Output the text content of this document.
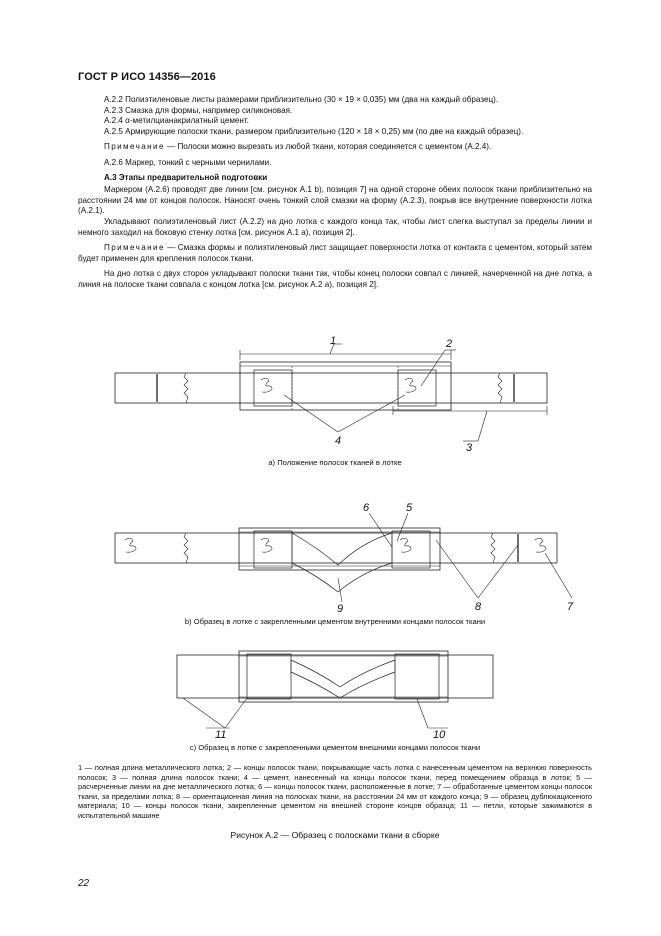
ГОСТ Р ИСО 14356—2016

А.2.2 Полиэтиленовые листы размерами приблизительно (30 × 19 × 0,035) мм (два на каждый образец).

А.2.3 Смазка для формы, например силиконовая.

А.2.4 α-метилцианакрилатный цемент.

А.2.5 Армирующие полоски ткани, размером приблизительно (120 × 18 × 0,25) мм (по две на каждый образец).

Примечание — Полоски можно вырезать из любой ткани, которая соединяется с цементом (А.2.4).

А.2.6 Маркер, тонкий с черными чернилами.

А.3 Этапы предварительной подготовки

Маркером (А.2.6) проводят две линии [см. рисунок А.1 b), позиция 7] на одной стороне обеих полосок ткани приблизительно на расстоянии 24 мм от концов полосок. Наносят очень тонкий слой смазки на форму (А.2.3), покрыв все внутренние поверхности лотка (А.2.1).

Укладывают полиэтиленовый лист (А.2.2) на дно лотка с каждого конца так, чтобы лист слегка выступал за пределы линии и немного заходил на боковую стенку лотка [см. рисунок А.1 а), позиция 2].

Примечание — Смазка формы и полиэтиленовый лист защищает поверхности лотка от контакта с цементом, который затем будет применен для крепления полосок ткани.

На дно лотка с двух сторон укладывают полоски ткани так, чтобы конец полоски совпал с линией, начерченной на дне лотка, а линия на полоске ткани совпала с концом лотка [см. рисунок А.2 а), позиция 2].

1	2
3
4
5
6
7
8
9
10
11
а) Положение полосок тканей в лотке
b) Образец в лотке с закрепленными цементом внутренними концами полосок ткани
с) Образец в лотке с закрепленными цементом внешними концами полосок ткани
1 — полная длина металлического лотка; 2 — концы полосок ткани, покрывающие часть лотка с нанесенным цементом на верхнюю поверхность полосок; 3 — полная длина полосок ткани; 4 — цемент, нанесенный на концы полосок ткани, перед помещением образца в лоток; 5 — расчерченные линии на дне металлического лотка; 6 — концы полосок ткани, расположенные в лотке; 7 — обработанные цементом концы полосок ткани, за пределами лотка; 8 — ориентационная линия на полосках ткани, на расстоянии 24 мм от каждого конца; 9 — образец дублюкационного материала; 10 — концы полосок ткани, закрепленные цементом на внешней стороне концов образца; 11 — петли, которые зажимаются в испытательной машине
Рисунок А.2 — Образец с полосками ткани в сборке
22
